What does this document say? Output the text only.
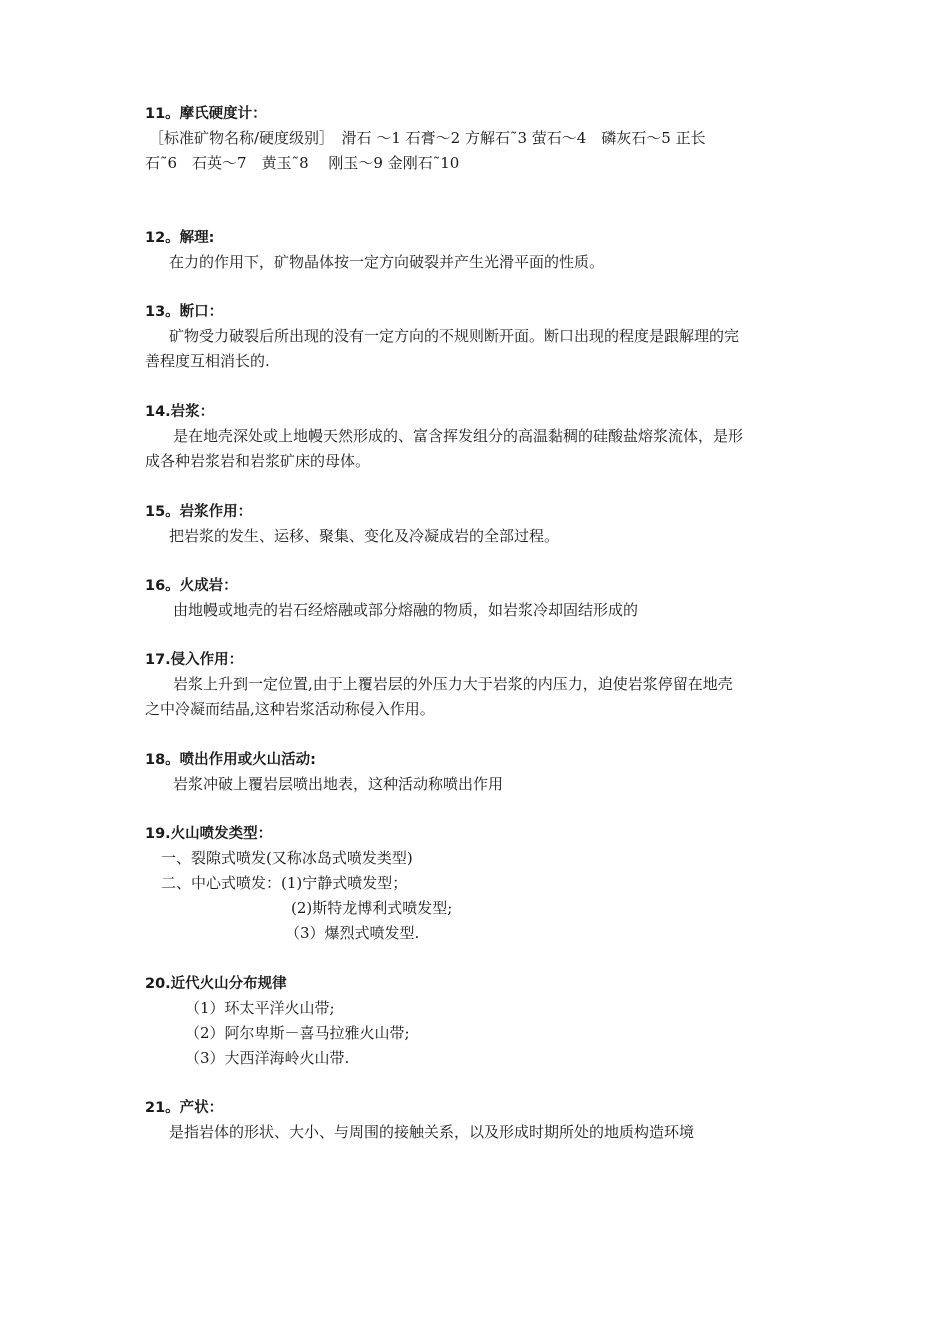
11。摩氏硬度计：
［标准矿物名称/硬度级别］　滑石 ～1 石膏～2 方解石˜3 萤石～4　磷灰石～5 正长
石˜6　石英～7　黄玉˜8　 刚玉～9 金刚石˜10
12。解理:
在力的作用下，矿物晶体按一定方向破裂并产生光滑平面的性质。
13。断口：
矿物受力破裂后所出现的没有一定方向的不规则断开面。断口出现的程度是跟解理的完
善程度互相消长的.
14.岩浆：
是在地壳深处或上地幔天然形成的、富含挥发组分的高温黏稠的硅酸盐熔浆流体，是形
成各种岩浆岩和岩浆矿床的母体。
15。岩浆作用：
把岩浆的发生、运移、聚集、变化及冷凝成岩的全部过程。
16。火成岩：
由地幔或地壳的岩石经熔融或部分熔融的物质，如岩浆冷却固结形成的
17.侵入作用：
岩浆上升到一定位置,由于上覆岩层的外压力大于岩浆的内压力，迫使岩浆停留在地壳
之中冷凝而结晶,这种岩浆活动称侵入作用。
18。喷出作用或火山活动:
岩浆冲破上覆岩层喷出地表，这种活动称喷出作用
19.火山喷发类型：
一、裂隙式喷发(又称冰岛式喷发类型)
二、中心式喷发：(1)宁静式喷发型；
(2)斯特龙博利式喷发型;
（3）爆烈式喷发型.
20.近代火山分布规律
（1）环太平洋火山带;
（2）阿尔卑斯－喜马拉雅火山带;
（3）大西洋海岭火山带.
21。产状：
是指岩体的形状、大小、与周围的接触关系，以及形成时期所处的地质构造环境
